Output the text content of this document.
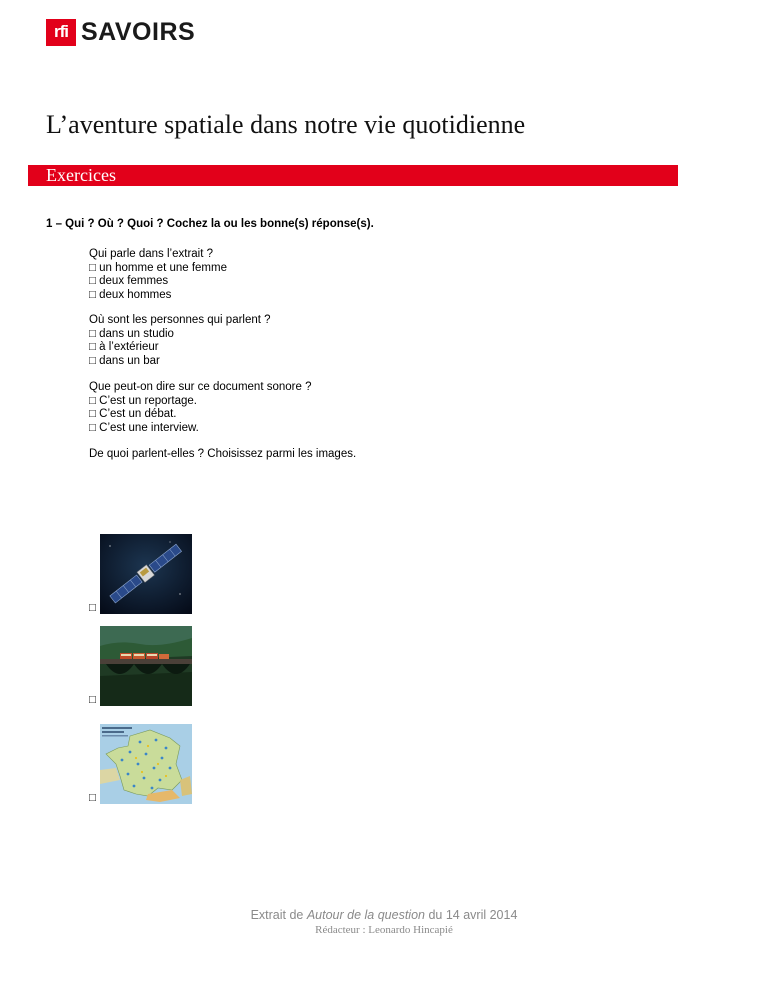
rfi SAVOIRS
L’aventure spatiale dans notre vie quotidienne
Exercices
1 – Qui ? Où ? Quoi ? Cochez la ou les bonne(s) réponse(s).
Qui parle dans l’extrait ?
□ un homme et une femme
□ deux femmes
□ deux hommes
Où sont les personnes qui parlent ?
□ dans un studio
□ à l’extérieur
□ dans un bar
Que peut-on dire sur ce document sonore ?
□ C’est un reportage.
□ C’est un débat.
□ C’est une interview.
De quoi parlent-elles ? Choisissez parmi les images.
□
□
□
Extrait de Autour de la question du 14 avril 2014
Rédacteur : Leonardo Hincapié
